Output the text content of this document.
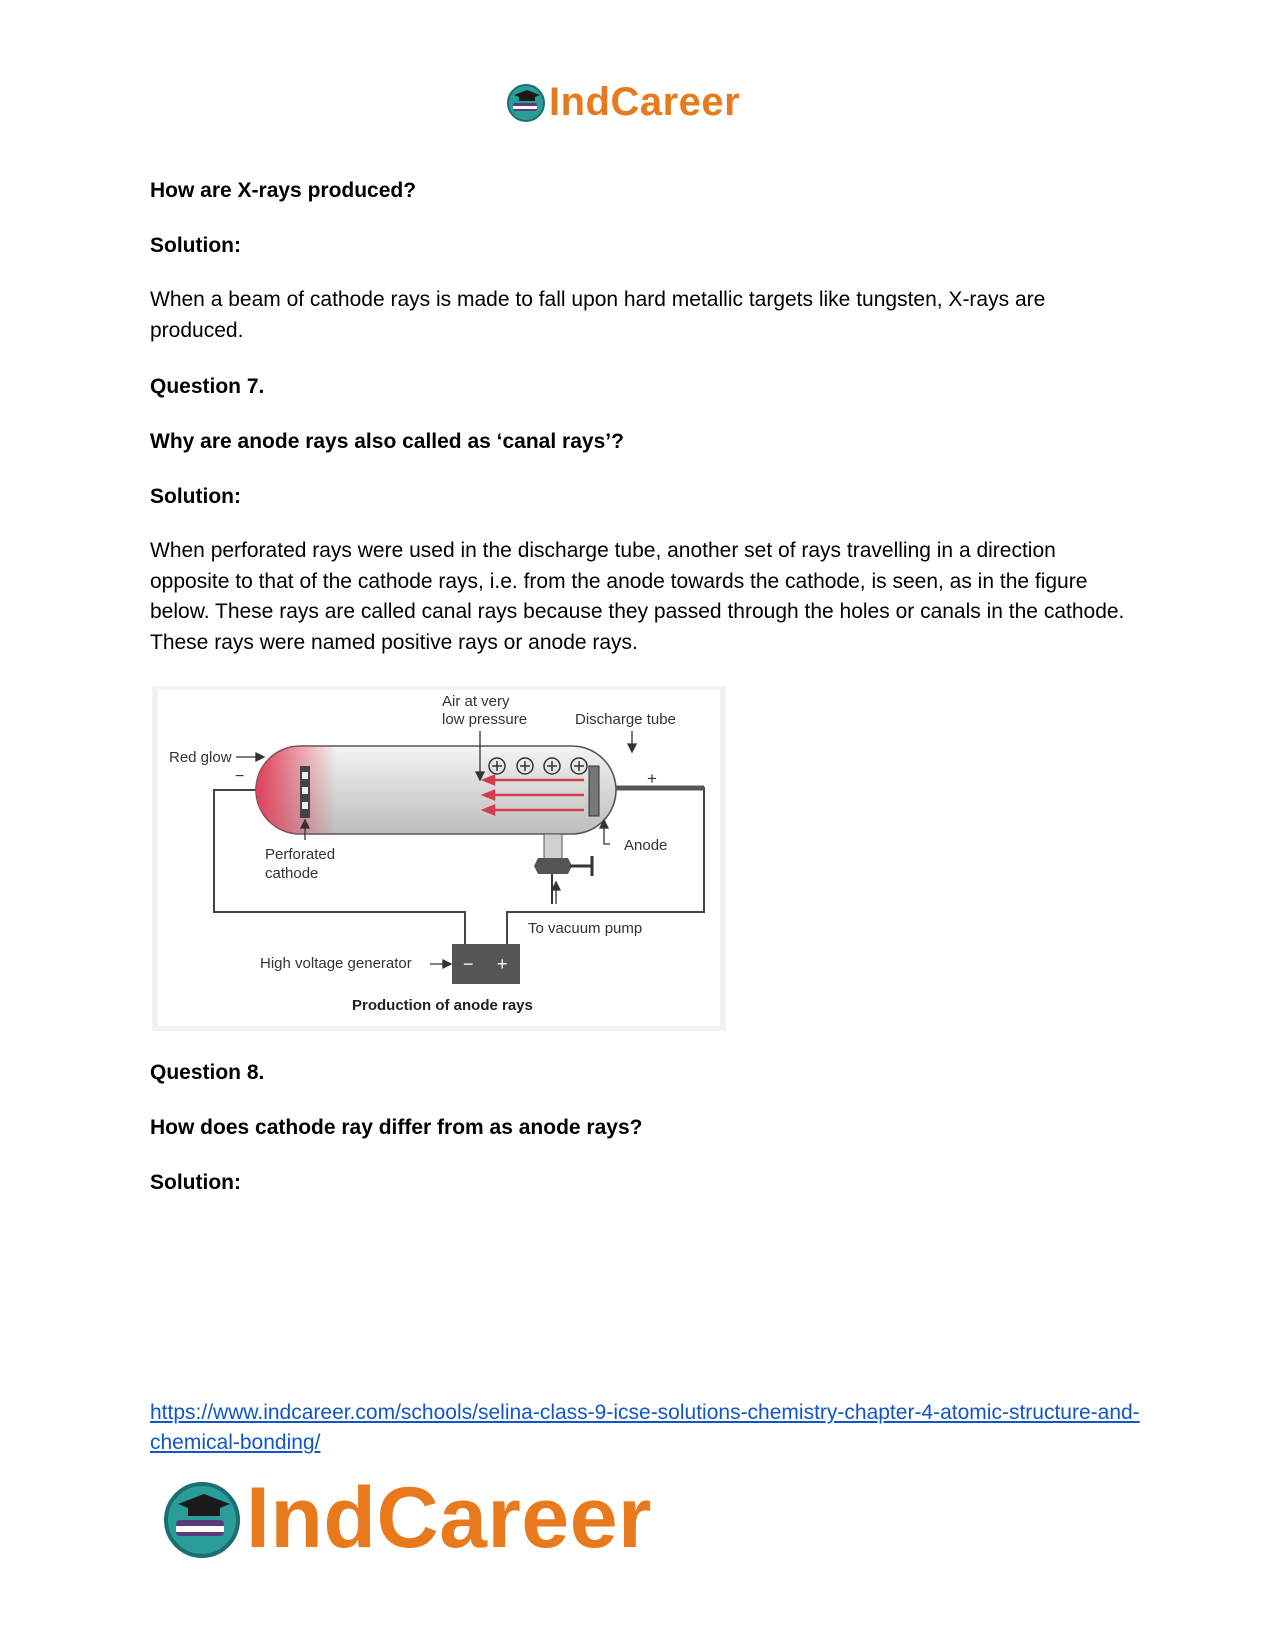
IndCareer

How are X-rays produced?

Solution:

When a beam of cathode rays is made to fall upon hard metallic targets like tungsten, X-rays are produced.

Question 7.

Why are anode rays also called as ‘canal rays’?

Solution:

When perforated rays were used in the discharge tube, another set of rays travelling in a direction opposite to that of the cathode rays, i.e. from the anode towards the cathode, is seen, as in the figure below. These rays are called canal rays because they passed through the holes or canals in the cathode. These rays were named positive rays or anode rays.

Air at very
low pressure	Discharge tube
Red glow
−	+
Perforated
cathode
Anode
To vacuum pump
High voltage generator	− +
Production of anode rays

Question 8.

How does cathode ray differ from as anode rays?

Solution:

https://www.indcareer.com/schools/selina-class-9-icse-solutions-chemistry-chapter-4-atomic-structure-and-chemical-bonding/
IndCareer
